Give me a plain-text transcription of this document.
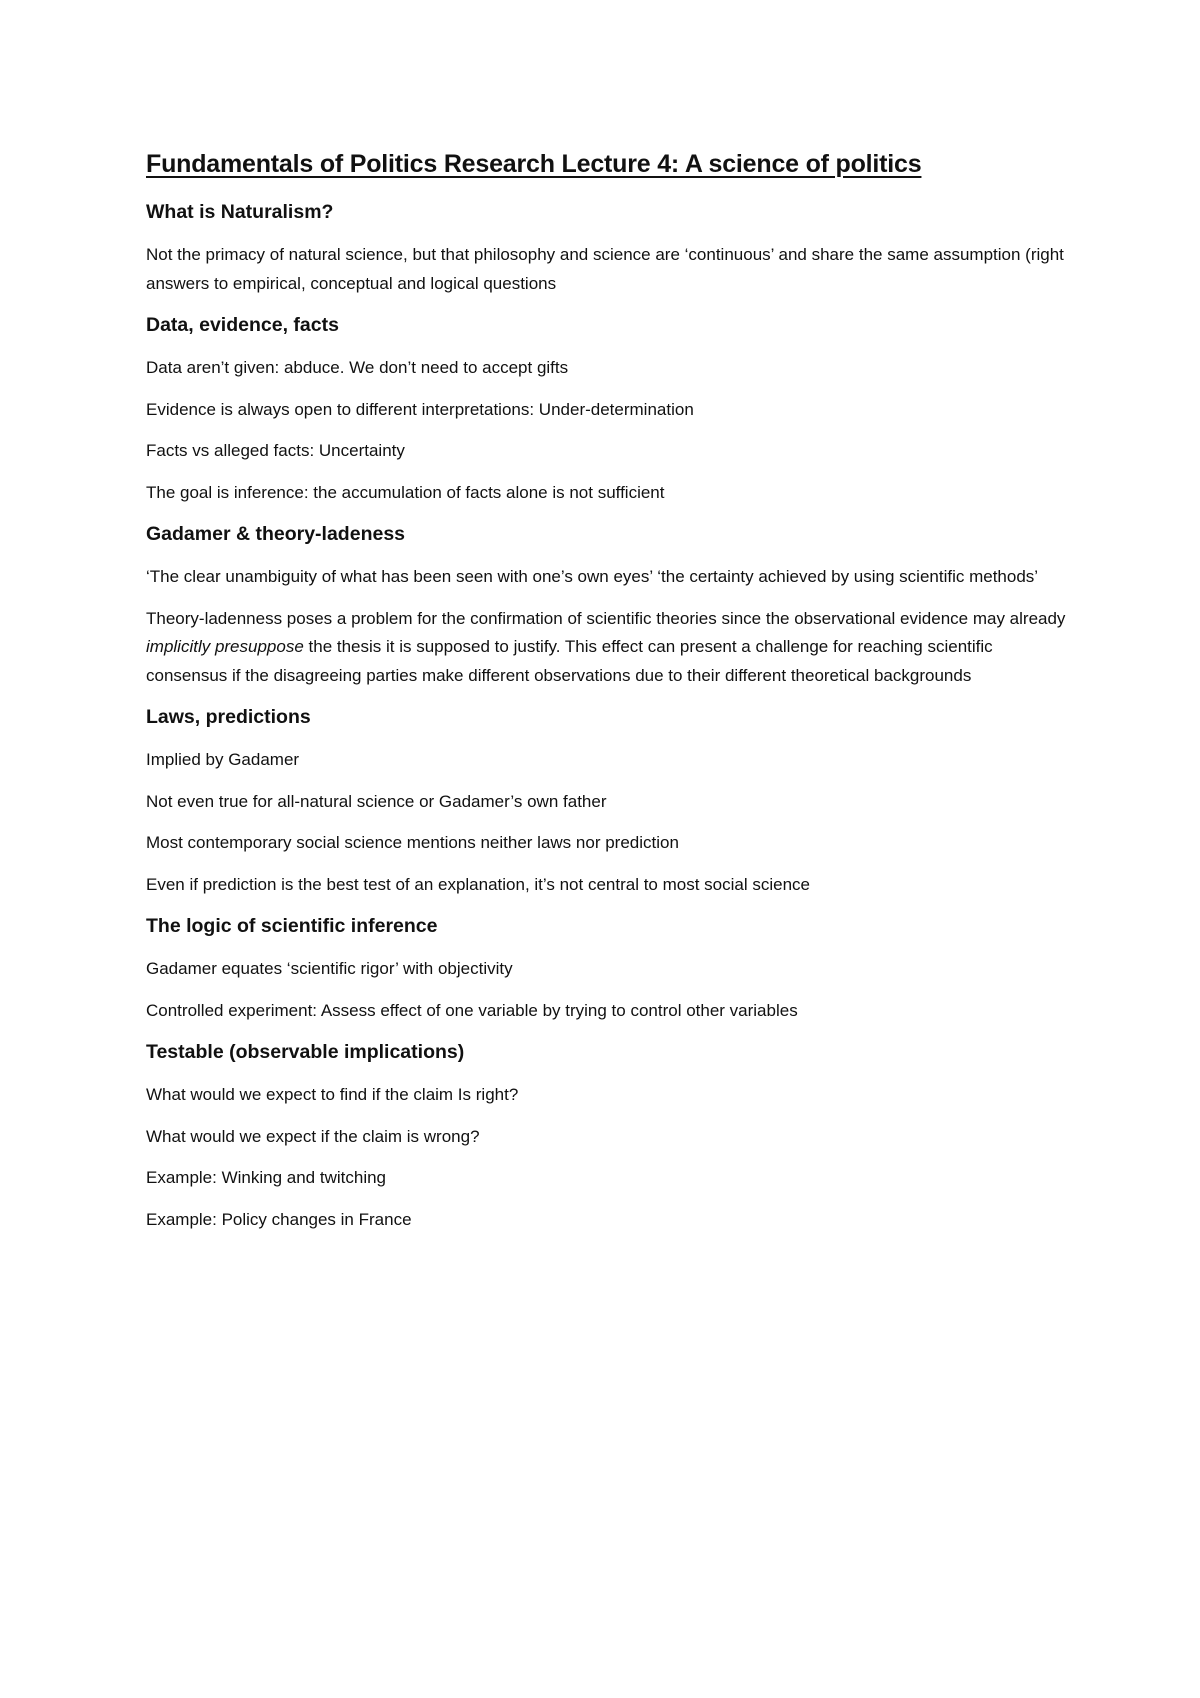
Fundamentals of Politics Research Lecture 4: A science of politics
What is Naturalism?

Not the primacy of natural science, but that philosophy and science are ‘continuous’ and share the same assumption (right answers to empirical, conceptual and logical questions

Data, evidence, facts

Data aren’t given: abduce. We don’t need to accept gifts

Evidence is always open to different interpretations: Under-determination

Facts vs alleged facts: Uncertainty

The goal is inference: the accumulation of facts alone is not sufficient

Gadamer & theory-ladeness

‘The clear unambiguity of what has been seen with one’s own eyes’ ‘the certainty achieved by using scientific methods’

Theory-ladenness poses a problem for the confirmation of scientific theories since the observational evidence may already implicitly presuppose the thesis it is supposed to justify. This effect can present a challenge for reaching scientific consensus if the disagreeing parties make different observations due to their different theoretical backgrounds

Laws, predictions

Implied by Gadamer

Not even true for all-natural science or Gadamer’s own father

Most contemporary social science mentions neither laws nor prediction

Even if prediction is the best test of an explanation, it’s not central to most social science

The logic of scientific inference

Gadamer equates ‘scientific rigor’ with objectivity

Controlled experiment: Assess effect of one variable by trying to control other variables

Testable (observable implications)

What would we expect to find if the claim Is right?

What would we expect if the claim is wrong?

Example: Winking and twitching

Example: Policy changes in France
